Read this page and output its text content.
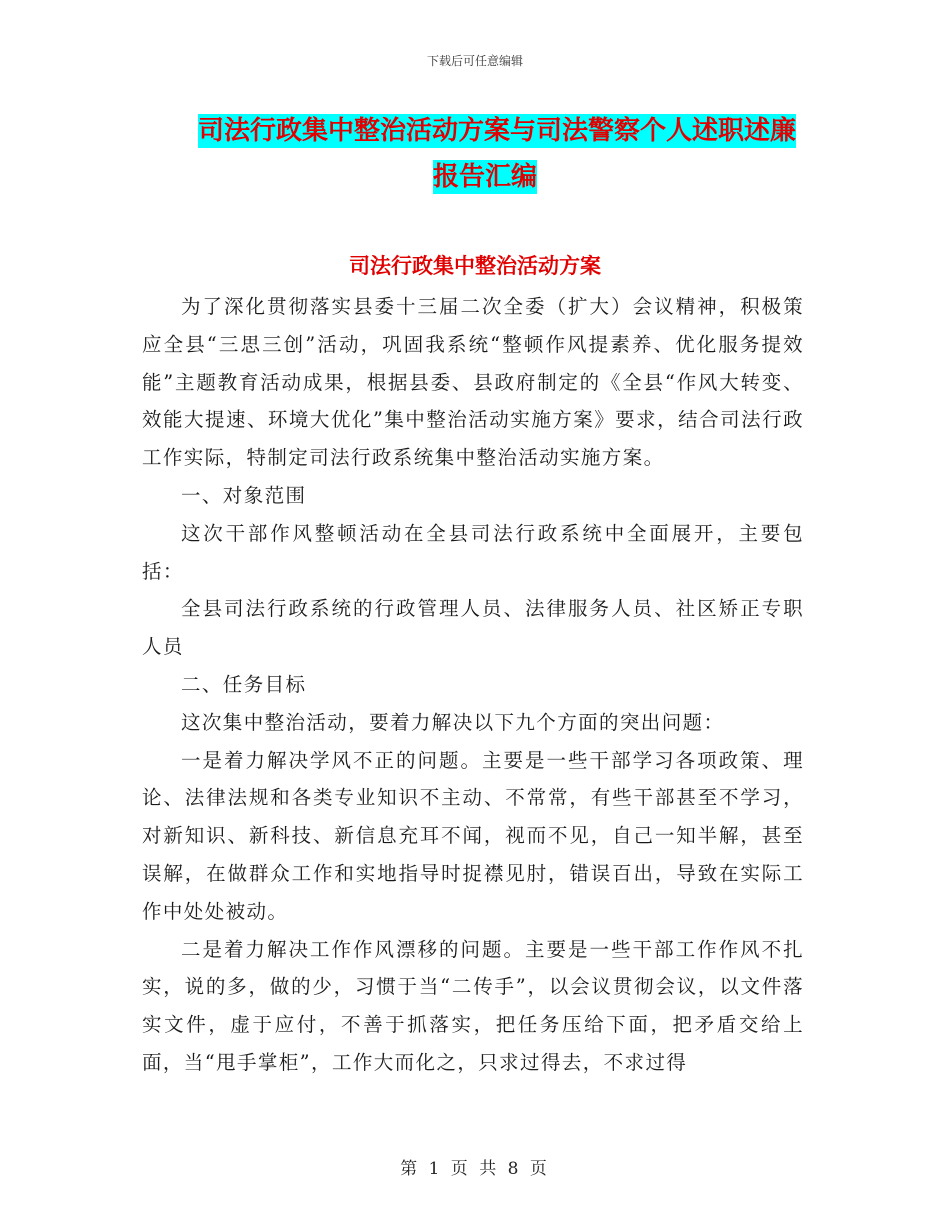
下载后可任意编辑
司法行政集中整治活动方案与司法警察个人述职述廉
报告汇编
司法行政集中整治活动方案

为了深化贯彻落实县委十三届二次全委（扩大）会议精神，积极策应全县“三思三创”活动，巩固我系统“整顿作风提素养、优化服务提效能”主题教育活动成果，根据县委、县政府制定的《全县“作风大转变、效能大提速、环境大优化”集中整治活动实施方案》要求，结合司法行政工作实际，特制定司法行政系统集中整治活动实施方案。

一、对象范围

这次干部作风整顿活动在全县司法行政系统中全面展开，主要包括：

全县司法行政系统的行政管理人员、法律服务人员、社区矫正专职人员

二、任务目标

这次集中整治活动，要着力解决以下九个方面的突出问题：

一是着力解决学风不正的问题。主要是一些干部学习各项政策、理论、法律法规和各类专业知识不主动、不常常，有些干部甚至不学习，对新知识、新科技、新信息充耳不闻，视而不见，自己一知半解，甚至误解，在做群众工作和实地指导时捉襟见肘，错误百出，导致在实际工作中处处被动。

二是着力解决工作作风漂移的问题。主要是一些干部工作作风不扎实，说的多，做的少，习惯于当“二传手”，以会议贯彻会议，以文件落实文件，虚于应付，不善于抓落实，把任务压给下面，把矛盾交给上面，当“甩手掌柜”，工作大而化之，只求过得去，不求过得

第 1 页 共 8 页
